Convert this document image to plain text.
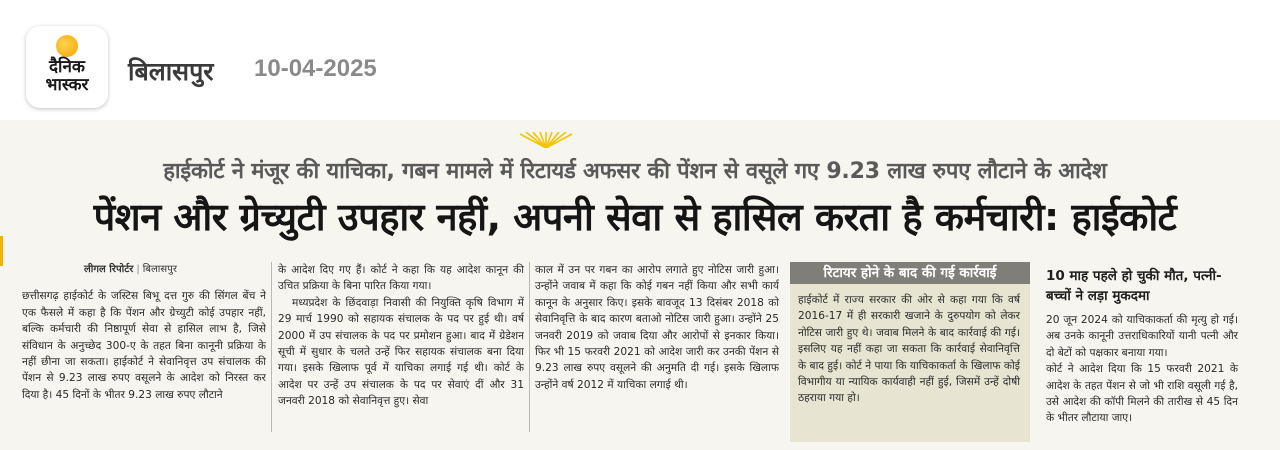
दैनिक
भास्कर	बिलासपुर 10-04-2025
हाईकोर्ट ने मंजूर की याचिका, गबन मामले में रिटायर्ड अफसर की पेंशन से वसूले गए 9.23 लाख रुपए लौटाने के आदेश
पेंशन और ग्रेच्युटी उपहार नहीं, अपनी सेवा से हासिल करता है कर्मचारी: हाईकोर्ट
लीगल रिपोर्टर | बिलासपुर

छत्तीसगढ़ हाईकोर्ट के जस्टिस बिभू दत्त गुरु की सिंगल बेंच ने एक फैसले में कहा है कि पेंशन और ग्रेच्युटी कोई उपहार नहीं, बल्कि कर्मचारी की निष्ठापूर्ण सेवा से हासिल लाभ है, जिसे संविधान के अनुच्छेद 300-ए के तहत बिना कानूनी प्रक्रिया के नहीं छीना जा सकता। हाईकोर्ट ने सेवानिवृत्त उप संचालक की पेंशन से 9.23 लाख रुपए वसूलने के आदेश को निरस्त कर दिया है। 45 दिनों के भीतर 9.23 लाख रुपए लौटाने

के आदेश दिए गए हैं। कोर्ट ने कहा कि यह आदेश कानून की उचित प्रक्रिया के बिना पारित किया गया।

मध्यप्रदेश के छिंदवाड़ा निवासी की नियुक्ति कृषि विभाग में 29 मार्च 1990 को सहायक संचालक के पद पर हुई थी। वर्ष 2000 में उप संचालक के पद पर प्रमोशन हुआ। बाद में ग्रेडेशन सूची में सुधार के चलते उन्हें फिर सहायक संचालक बना दिया गया। इसके खिलाफ पूर्व में याचिका लगाई गई थी। कोर्ट के आदेश पर उन्हें उप संचालक के पद पर सेवाएं दीं और 31 जनवरी 2018 को सेवानिवृत्त हुए। सेवा

काल में उन पर गबन का आरोप लगाते हुए नोटिस जारी हुआ। उन्होंने जवाब में कहा कि कोई गबन नहीं किया और सभी कार्य कानून के अनुसार किए। इसके बावजूद 13 दिसंबर 2018 को सेवानिवृत्ति के बाद कारण बताओ नोटिस जारी हुआ। उन्होंने 25 जनवरी 2019 को जवाब दिया और आरोपों से इनकार किया। फिर भी 15 फरवरी 2021 को आदेश जारी कर उनकी पेंशन से 9.23 लाख रुपए वसूलने की अनुमति दी गई। इसके खिलाफ उन्होंने वर्ष 2012 में याचिका लगाई थी।

रिटायर होने के बाद की गई कार्रवाई
हाईकोर्ट में राज्य सरकार की ओर से कहा गया कि वर्ष 2016-17 में ही सरकारी खजाने के दुरुपयोग को लेकर नोटिस जारी हुए थे। जवाब मिलने के बाद कार्रवाई की गई। इसलिए यह नहीं कहा जा सकता कि कार्रवाई सेवानिवृत्ति के बाद हुई। कोर्ट ने पाया कि याचिकाकर्ता के खिलाफ कोई विभागीय या न्यायिक कार्यवाही नहीं हुई, जिसमें उन्हें दोषी ठहराया गया हो।
10 माह पहले हो चुकी मौत, पत्नी- बच्चों ने लड़ा मुकदमा

20 जून 2024 को याचिकाकर्ता की मृत्यु हो गई। अब उनके कानूनी उत्तराधिकारियों यानी पत्नी और दो बेटों को पक्षकार बनाया गया।

कोर्ट ने आदेश दिया कि 15 फरवरी 2021 के आदेश के तहत पेंशन से जो भी राशि वसूली गई है, उसे आदेश की कॉपी मिलने की तारीख से 45 दिन के भीतर लौटाया जाए।
